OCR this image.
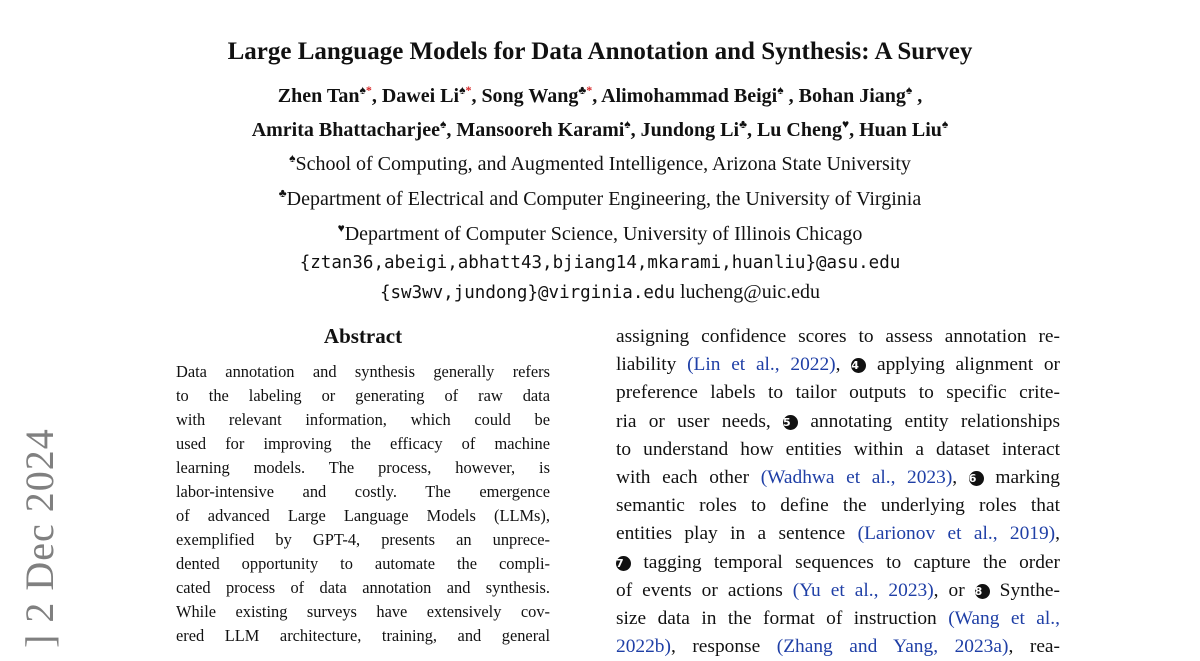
] 2 Dec 2024
Large Language Models for Data Annotation and Synthesis: A Survey
Zhen Tan♠*, Dawei Li♠*, Song Wang♣*, Alimohammad Beigi♠ , Bohan Jiang♠ ,
Amrita Bhattacharjee♠, Mansooreh Karami♠, Jundong Li♣, Lu Cheng♥, Huan Liu♠
♠School of Computing, and Augmented Intelligence, Arizona State University
♣Department of Electrical and Computer Engineering, the University of Virginia
♥Department of Computer Science, University of Illinois Chicago
{ztan36,abeigi,abhatt43,bjiang14,mkarami,huanliu}@asu.edu
{sw3wv,jundong}@virginia.edu lucheng@uic.edu
Abstract
Data annotation and synthesis generally refers
to the labeling or generating of raw data
with relevant information, which could be
used for improving the efficacy of machine
learning models. The process, however, is
labor-intensive and costly. The emergence
of advanced Large Language Models (LLMs),
exemplified by GPT-4, presents an unprece-
dented opportunity to automate the compli-
cated process of data annotation and synthesis.
While existing surveys have extensively cov-
ered LLM architecture, training, and general
assigning confidence scores to assess annotation re-
liability (Lin et al., 2022), 4 applying alignment or
preference labels to tailor outputs to specific crite-
ria or user needs, 5 annotating entity relationships
to understand how entities within a dataset interact
with each other (Wadhwa et al., 2023), 6 marking
semantic roles to define the underlying roles that
entities play in a sentence (Larionov et al., 2019),
7 tagging temporal sequences to capture the order
of events or actions (Yu et al., 2023), or 8 Synthe-
size data in the format of instruction (Wang et al.,
2022b), response (Zhang and Yang, 2023a), rea-
